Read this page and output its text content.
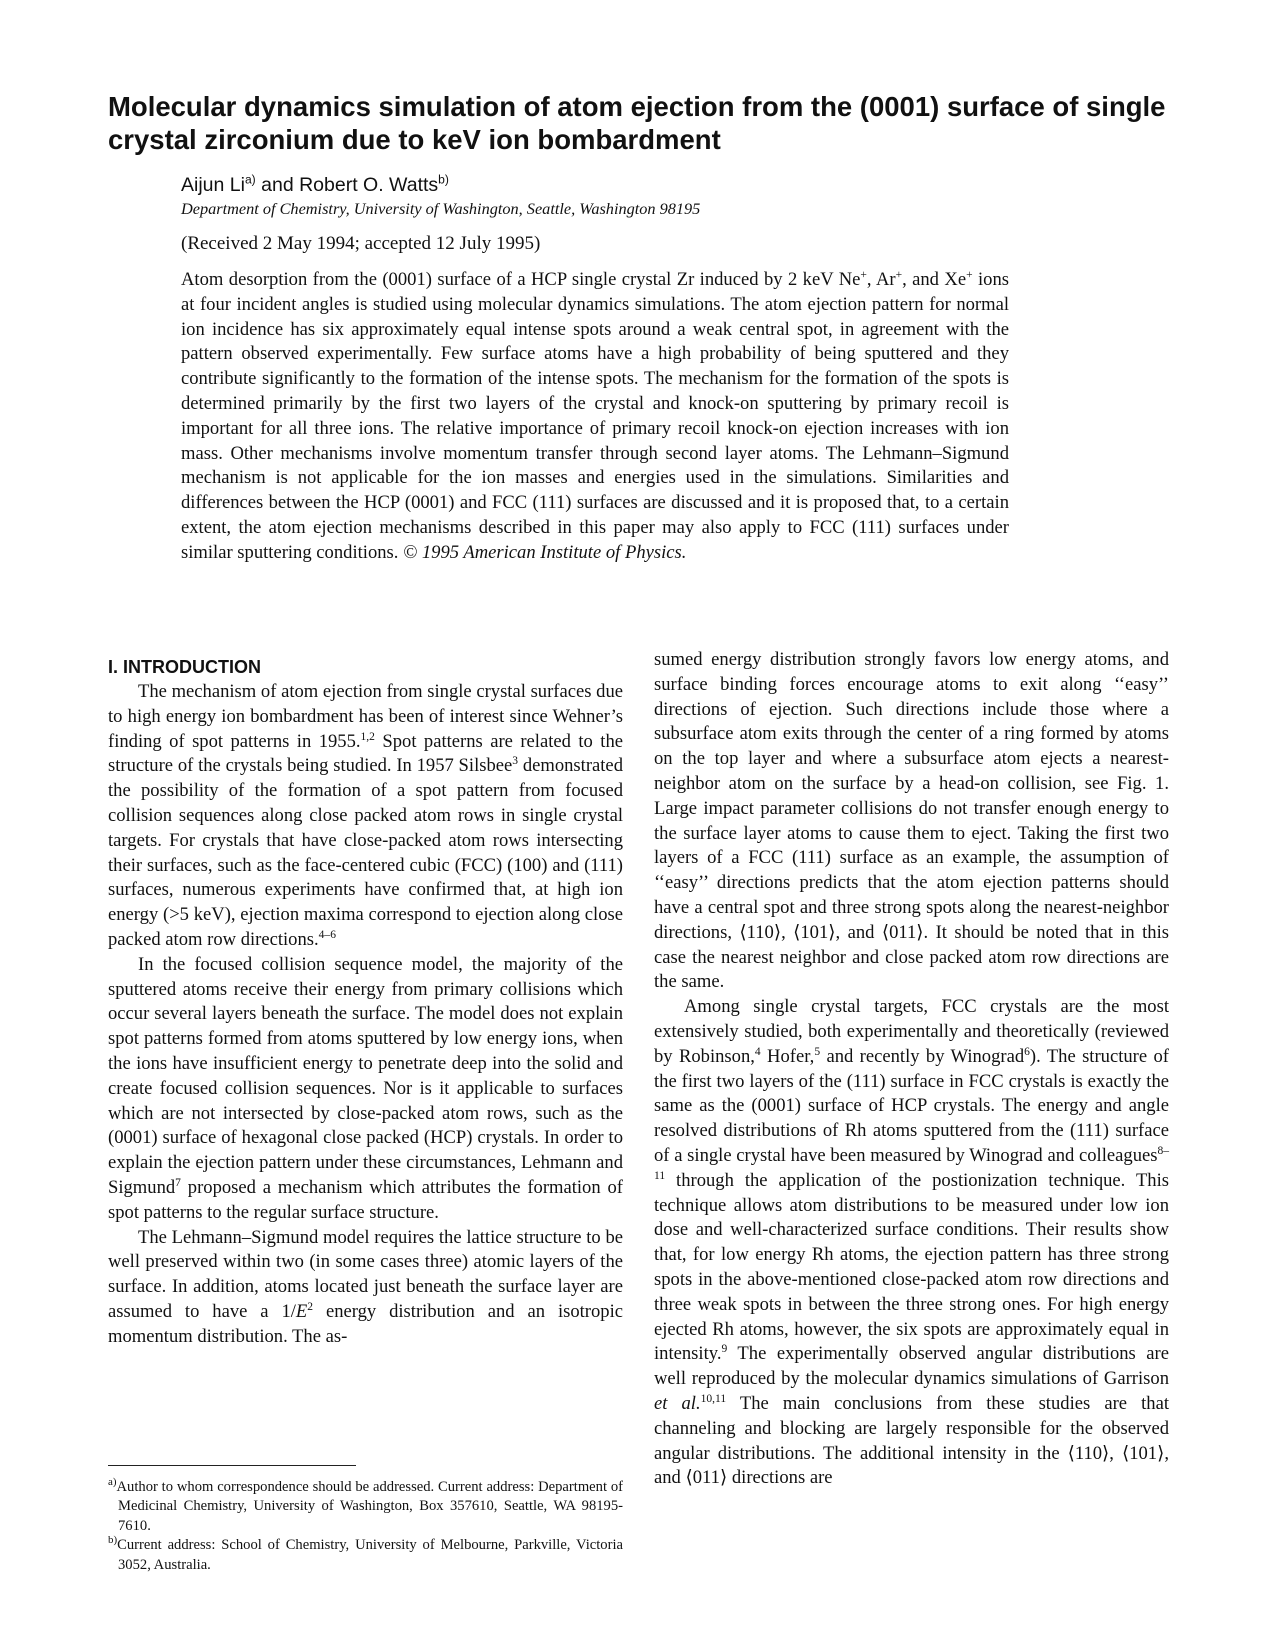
Molecular dynamics simulation of atom ejection from the (0001) surface of single crystal zirconium due to keV ion bombardment
Aijun Li$^{a)}$ and Robert O. Watts$^{b)}$
Department of Chemistry, University of Washington, Seattle, Washington 98195
(Received 2 May 1994; accepted 12 July 1995)

Atom desorption from the (0001) surface of a HCP single crystal Zr induced by 2 keV Ne+, Ar+, and Xe+ ions at four incident angles is studied using molecular dynamics simulations. The atom ejection pattern for normal ion incidence has six approximately equal intense spots around a weak central spot, in agreement with the pattern observed experimentally. Few surface atoms have a high probability of being sputtered and they contribute significantly to the formation of the intense spots. The mechanism for the formation of the spots is determined primarily by the first two layers of the crystal and knock-on sputtering by primary recoil is important for all three ions. The relative importance of primary recoil knock-on ejection increases with ion mass. Other mechanisms involve momentum transfer through second layer atoms. The Lehmann–Sigmund mechanism is not applicable for the ion masses and energies used in the simulations. Similarities and differences between the HCP (0001) and FCC (111) surfaces are discussed and it is proposed that, to a certain extent, the atom ejection mechanisms described in this paper may also apply to FCC (111) surfaces under similar sputtering conditions. © 1995 American Institute of Physics.

I. INTRODUCTION

The mechanism of atom ejection from single crystal surfaces due to high energy ion bombardment has been of interest since Wehner’s finding of spot patterns in 1955.$^{1,2}$ Spot patterns are related to the structure of the crystals being studied. In 1957 Silsbee$^3$ demonstrated the possibility of the formation of a spot pattern from focused collision sequences along close packed atom rows in single crystal targets. For crystals that have close-packed atom rows intersecting their surfaces, such as the face-centered cubic (FCC) (100) and (111) surfaces, numerous experiments have confirmed that, at high ion energy (>5 keV), ejection maxima correspond to ejection along close packed atom row directions.$^{4-6}$

In the focused collision sequence model, the majority of the sputtered atoms receive their energy from primary collisions which occur several layers beneath the surface. The model does not explain spot patterns formed from atoms sputtered by low energy ions, when the ions have insufficient energy to penetrate deep into the solid and create focused collision sequences. Nor is it applicable to surfaces which are not intersected by close-packed atom rows, such as the (0001) surface of hexagonal close packed (HCP) crystals. In order to explain the ejection pattern under these circumstances, Lehmann and Sigmund$^7$ proposed a mechanism which attributes the formation of spot patterns to the regular surface structure.

The Lehmann–Sigmund model requires the lattice structure to be well preserved within two (in some cases three) atomic layers of the surface. In addition, atoms located just beneath the surface layer are assumed to have a $1/E^2$ energy distribution and an isotropic momentum distribution. The as-

$^{a)}$Author to whom correspondence should be addressed. Current address: Department of Medicinal Chemistry, University of Washington, Box 357610, Seattle, WA 98195-7610.

$^{b)}$Current address: School of Chemistry, University of Melbourne, Parkville, Victoria 3052, Australia.

sumed energy distribution strongly favors low energy atoms, and surface binding forces encourage atoms to exit along ‘‘easy’’ directions of ejection. Such directions include those where a subsurface atom exits through the center of a ring formed by atoms on the top layer and where a subsurface atom ejects a nearest-neighbor atom on the surface by a head-on collision, see Fig. 1. Large impact parameter collisions do not transfer enough energy to the surface layer atoms to cause them to eject. Taking the first two layers of a FCC (111) surface as an example, the assumption of ‘‘easy’’ directions predicts that the atom ejection patterns should have a central spot and three strong spots along the nearest-neighbor directions, ⟨110⟩, ⟨101⟩, and ⟨011⟩. It should be noted that in this case the nearest neighbor and close packed atom row directions are the same.

Among single crystal targets, FCC crystals are the most extensively studied, both experimentally and theoretically (reviewed by Robinson,$^4$ Hofer,$^5$ and recently by Winograd$^6$). The structure of the first two layers of the (111) surface in FCC crystals is exactly the same as the (0001) surface of HCP crystals. The energy and angle resolved distributions of Rh atoms sputtered from the (111) surface of a single crystal have been measured by Winograd and colleagues$^{8-11}$ through the application of the postionization technique. This technique allows atom distributions to be measured under low ion dose and well-characterized surface conditions. Their results show that, for low energy Rh atoms, the ejection pattern has three strong spots in the above-mentioned close-packed atom row directions and three weak spots in between the three strong ones. For high energy ejected Rh atoms, however, the six spots are approximately equal in intensity.$^9$ The experimentally observed angular distributions are well reproduced by the molecular dynamics simulations of Garrison et al.$^{10,11}$ The main conclusions from these studies are that channeling and blocking are largely responsible for the observed angular distributions. The additional intensity in the ⟨110⟩, ⟨101⟩, and ⟨011⟩ directions are
